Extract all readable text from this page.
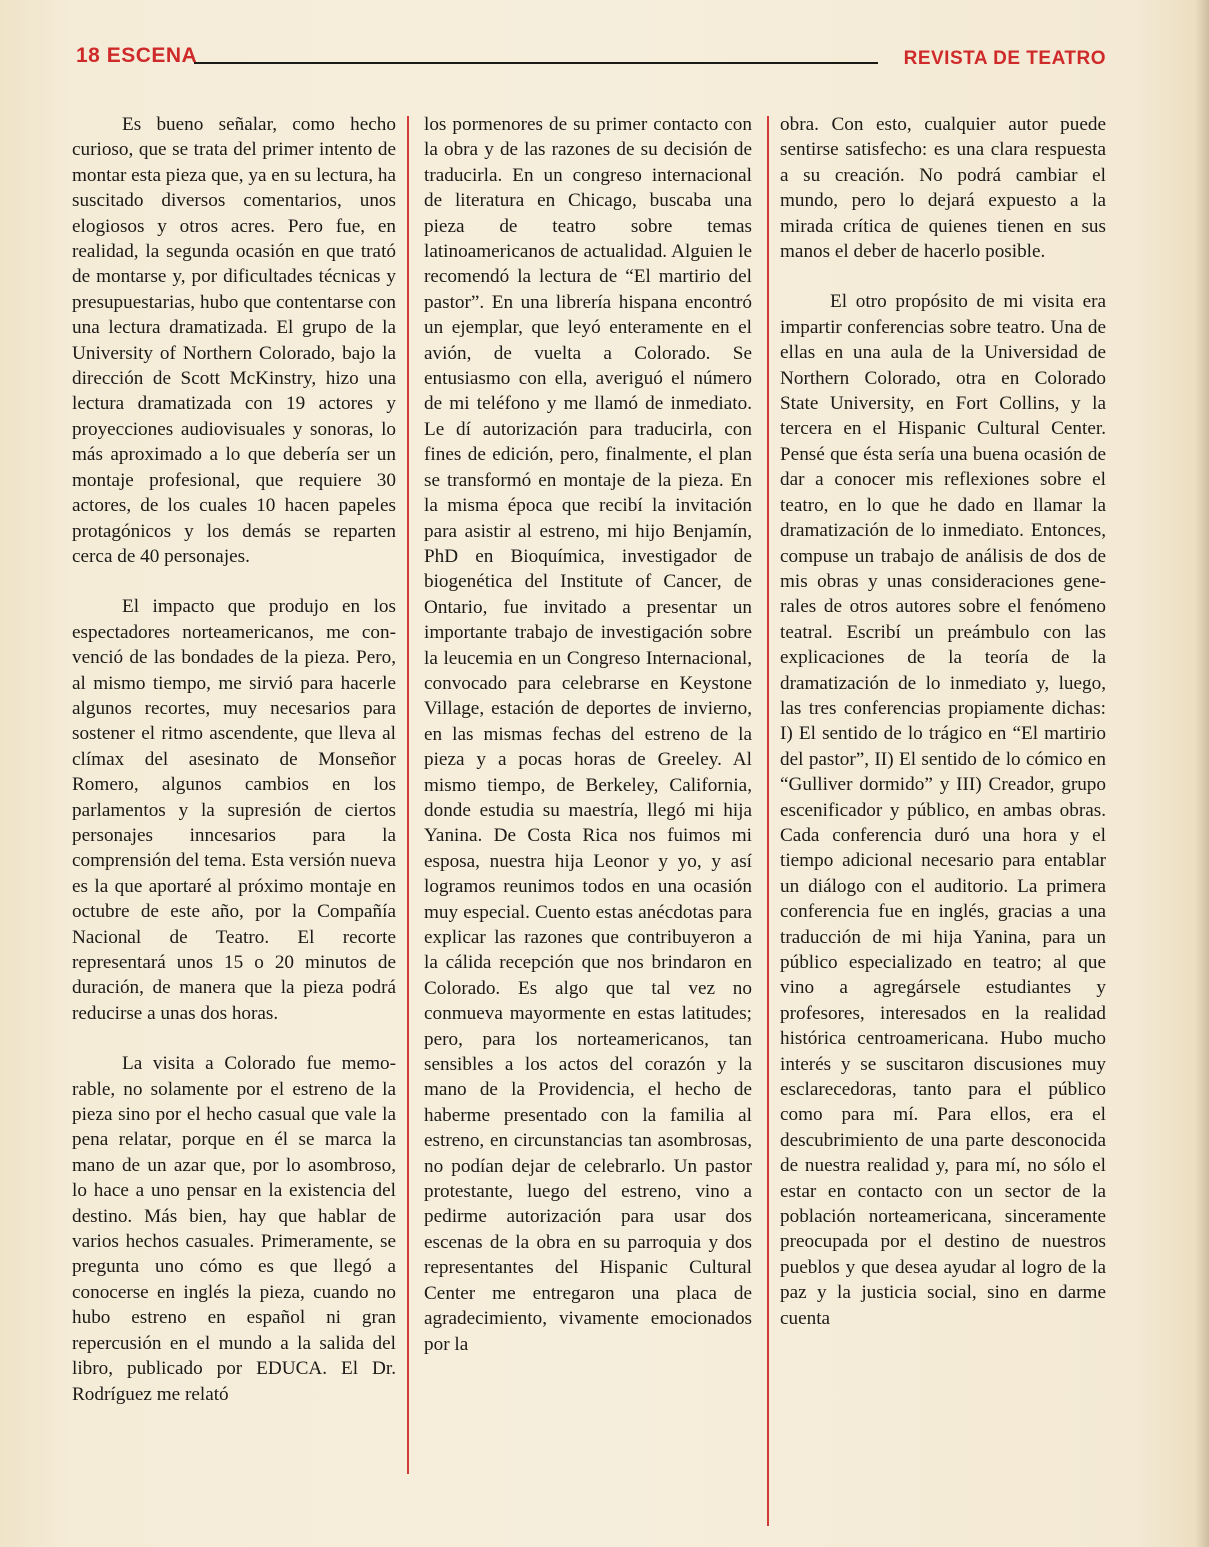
18 ESCENA	REVISTA DE TEATRO

Es bueno señalar, como hecho curioso, que se trata del primer intento de montar esta pieza que, ya en su lectura, ha suscitado diversos comentarios, unos elogiosos y otros acres. Pero fue, en realidad, la segunda ocasión en que trató de montarse y, por dificultades técnicas y presupuestarias, hubo que contentarse con una lectura dramatizada. El grupo de la University of Northern Colorado, bajo la dirección de Scott McKinstry, hizo una lectura dramatizada con 19 actores y proyecciones audiovisuales y sonoras, lo más aproximado a lo que debería ser un montaje profesional, que requiere 30 actores, de los cuales 10 hacen papeles protagónicos y los demás se reparten cerca de 40 personajes.

El impacto que produjo en los espectadores norteamericanos, me convenció de las bondades de la pieza. Pero, al mismo tiempo, me sirvió para hacerle algunos recortes, muy necesarios para sostener el ritmo ascendente, que lleva al clímax del asesinato de Monseñor Romero, algunos cambios en los parlamentos y la supresión de ciertos personajes inncesarios para la comprensión del tema. Esta versión nueva es la que aportaré al próximo montaje en octubre de este año, por la Compañía Nacional de Teatro. El recorte representará unos 15 o 20 minutos de duración, de manera que la pieza podrá reducirse a unas dos horas.

La visita a Colorado fue memorable, no solamente por el estreno de la pieza sino por el hecho casual que vale la pena relatar, porque en él se marca la mano de un azar que, por lo asombroso, lo hace a uno pensar en la existencia del destino. Más bien, hay que hablar de varios hechos casuales. Primeramente, se pregunta uno cómo es que llegó a conocerse en inglés la pieza, cuando no hubo estreno en español ni gran repercusión en el mundo a la salida del libro, publicado por EDUCA. El Dr. Rodríguez me relató

los pormenores de su primer contacto con la obra y de las razones de su decisión de traducirla. En un congreso internacional de literatura en Chicago, buscaba una pieza de teatro sobre temas latinoamericanos de actualidad. Alguien le recomendó la lectura de “El martirio del pastor”. En una librería hispana encontró un ejemplar, que leyó enteramente en el avión, de vuelta a Colorado. Se entusiasmo con ella, averiguó el número de mi teléfono y me llamó de inmediato. Le dí autorización para traducirla, con fines de edición, pero, finalmente, el plan se transformó en montaje de la pieza. En la misma época que recibí la invitación para asistir al estreno, mi hijo Benjamín, PhD en Bioquímica, investigador de biogenética del Institute of Cancer, de Ontario, fue invitado a presentar un importante trabajo de investigación sobre la leucemia en un Congreso Internacional, convocado para celebrarse en Keystone Village, estación de deportes de invierno, en las mismas fechas del estreno de la pieza y a pocas horas de Greeley. Al mismo tiempo, de Berkeley, California, donde estudia su maestría, llegó mi hija Yanina. De Costa Rica nos fuimos mi esposa, nuestra hija Leonor y yo, y así logramos reunimos todos en una ocasión muy especial. Cuento estas anécdotas para explicar las razones que contribuyeron a la cálida recepción que nos brindaron en Colorado. Es algo que tal vez no conmueva mayormente en estas latitudes; pero, para los norteamericanos, tan sensibles a los actos del corazón y la mano de la Providencia, el hecho de haberme presentado con la familia al estreno, en circunstancias tan asombrosas, no podían dejar de celebrarlo. Un pastor protestante, luego del estreno, vino a pedirme autorización para usar dos escenas de la obra en su parroquia y dos representantes del Hispanic Cultural Center me entregaron una placa de agradecimiento, vivamente emocionados por la

obra. Con esto, cualquier autor puede sentirse satisfecho: es una clara respuesta a su creación. No podrá cambiar el mundo, pero lo dejará expuesto a la mirada crítica de quienes tienen en sus manos el deber de hacerlo posible.

El otro propósito de mi visita era impartir conferencias sobre teatro. Una de ellas en una aula de la Universidad de Northern Colorado, otra en Colorado State University, en Fort Collins, y la tercera en el Hispanic Cultural Center. Pensé que ésta sería una buena ocasión de dar a conocer mis reflexiones sobre el teatro, en lo que he dado en llamar la dramatización de lo inmediato. Entonces, compuse un trabajo de análisis de dos de mis obras y unas consideraciones generales de otros autores sobre el fenómeno teatral. Escribí un preámbulo con las explicaciones de la teoría de la dramatización de lo inmediato y, luego, las tres conferencias propiamente dichas: I) El sentido de lo trágico en “El martirio del pastor”, II) El sentido de lo cómico en “Gulliver dormido” y III) Creador, grupo escenificador y público, en ambas obras. Cada conferencia duró una hora y el tiempo adicional necesario para entablar un diálogo con el auditorio. La primera conferencia fue en inglés, gracias a una traducción de mi hija Yanina, para un público especializado en teatro; al que vino a agregársele estudiantes y profesores, interesados en la realidad histórica centroamericana. Hubo mucho interés y se suscitaron discusiones muy esclarecedoras, tanto para el público como para mí. Para ellos, era el descubrimiento de una parte desconocida de nuestra realidad y, para mí, no sólo el estar en contacto con un sector de la población norteamericana, sinceramente preocupada por el destino de nuestros pueblos y que desea ayudar al logro de la paz y la justicia social, sino en darme cuenta
